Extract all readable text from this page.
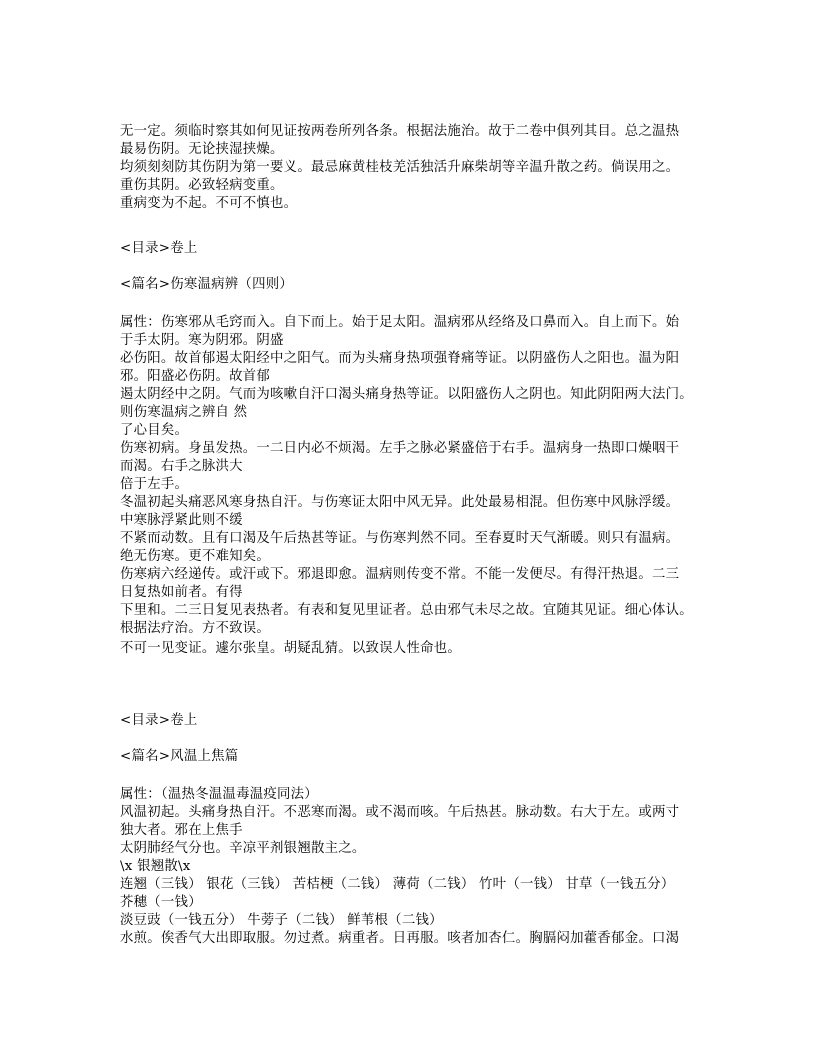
无一定。须临时察其如何见证按两卷所列各条。根据法施治。故于二卷中俱列其目。总之温热
最易伤阴。无论挟湿挟燥。
均须刻刻防其伤阴为第一要义。最忌麻黄桂枝羌活独活升麻柴胡等辛温升散之药。倘误用之。
重伤其阴。必致轻病变重。
重病变为不起。不可不慎也。
<目录>卷上
<篇名>伤寒温病辨（四则）
属性：伤寒邪从毛窍而入。自下而上。始于足太阳。温病邪从经络及口鼻而入。自上而下。始
于手太阴。寒为阴邪。阴盛
必伤阳。故首郁遏太阳经中之阳气。而为头痛身热项强脊痛等证。以阴盛伤人之阳也。温为阳
邪。阳盛必伤阴。故首郁
遏太阴经中之阴。气而为咳嗽自汗口渴头痛身热等证。以阳盛伤人之阴也。知此阴阳两大法门。
则伤寒温病之辨自 然
了心目矣。
伤寒初病。身虽发热。一二日内必不烦渴。左手之脉必紧盛倍于右手。温病身一热即口燥咽干
而渴。右手之脉洪大
倍于左手。
冬温初起头痛恶风寒身热自汗。与伤寒证太阳中风无异。此处最易相混。但伤寒中风脉浮缓。
中寒脉浮紧此则不缓
不紧而动数。且有口渴及午后热甚等证。与伤寒判然不同。至春夏时天气渐暖。则只有温病。
绝无伤寒。更不难知矣。
伤寒病六经递传。或汗或下。邪退即愈。温病则传变不常。不能一发便尽。有得汗热退。二三
日复热如前者。有得
下里和。二三日复见表热者。有表和复见里证者。总由邪气未尽之故。宜随其见证。细心体认。
根据法疗治。方不致误。
不可一见变证。遽尔张皇。胡疑乱猜。以致误人性命也。
<目录>卷上
<篇名>风温上焦篇
属性：（温热冬温温毒温疫同法）
风温初起。头痛身热自汗。不恶寒而渴。或不渴而咳。午后热甚。脉动数。右大于左。或两寸
独大者。邪在上焦手
太阴肺经气分也。辛凉平剂银翘散主之。
\x 银翘散\x
连翘（三钱） 银花（三钱） 苦桔梗（二钱） 薄荷（二钱） 竹叶（一钱） 甘草（一钱五分）
芥穗（一钱）
淡豆豉（一钱五分） 牛蒡子（二钱） 鲜苇根（二钱）
水煎。俟香气大出即取服。勿过煮。病重者。日再服。咳者加杏仁。胸膈闷加藿香郁金。口渴
